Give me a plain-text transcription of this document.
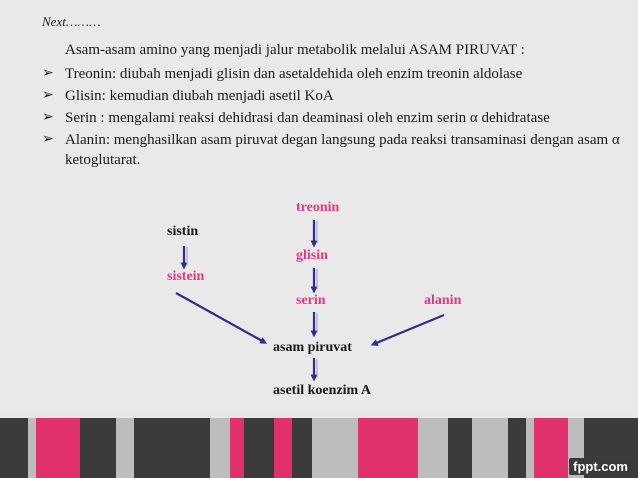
Next………
Asam-asam amino yang menjadi jalur metabolik melalui ASAM PIRUVAT :
➢ Treonin: diubah menjadi glisin dan asetaldehida oleh enzim treonin aldolase
➢ Glisin: kemudian diubah menjadi asetil KoA
➢ Serin : mengalami reaksi dehidrasi dan deaminasi oleh enzim serin α dehidratase
➢ Alanin: menghasilkan asam piruvat degan langsung pada reaksi transaminasi dengan asam α ketoglutarat.
treonin
sistin
glisin
sistein
serin	alanin
asam piruvat
asetil koenzim A
fppt.com
